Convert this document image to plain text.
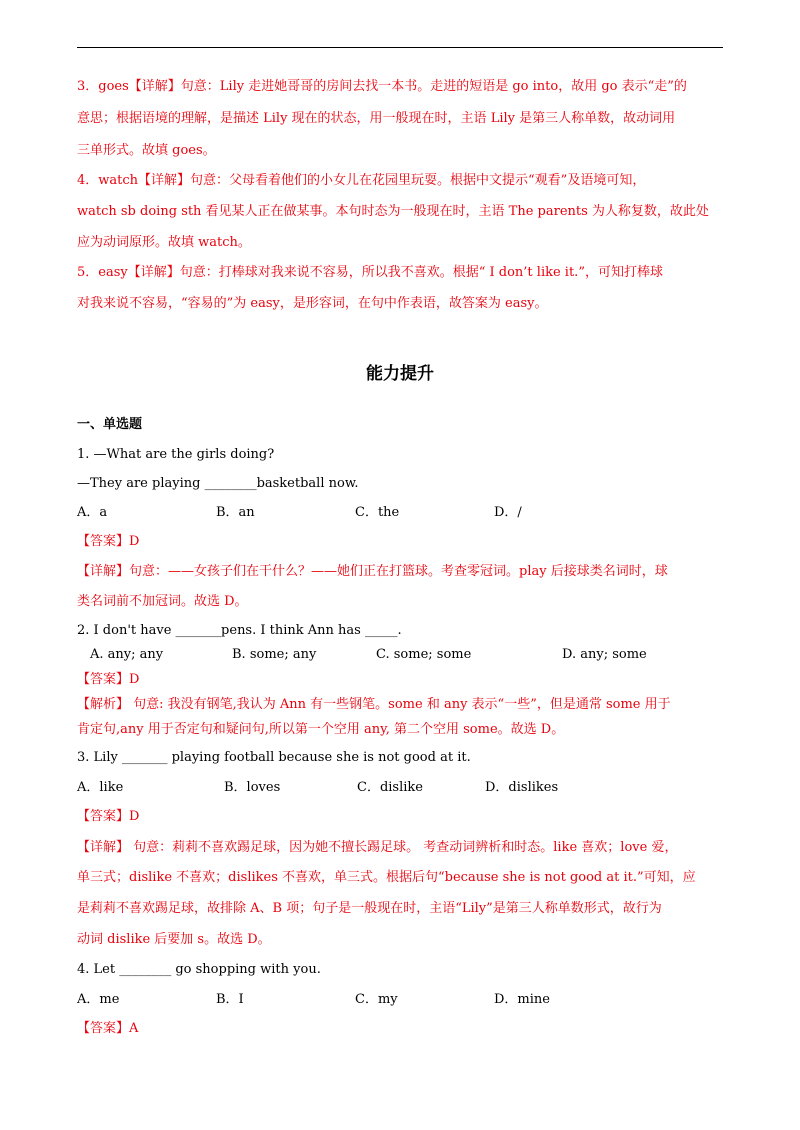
3．goes【详解】句意：Lily 走进她哥哥的房间去找一本书。走进的短语是 go into，故用 go 表示“走”的
意思；根据语境的理解，是描述 Lily 现在的状态，用一般现在时，主语 Lily 是第三人称单数，故动词用
三单形式。故填 goes。
4．watch【详解】句意：父母看着他们的小女儿在花园里玩耍。根据中文提示“观看”及语境可知，
watch sb doing sth 看见某人正在做某事。本句时态为一般现在时，主语 The parents 为人称复数，故此处
应为动词原形。故填 watch。
5．easy【详解】句意：打棒球对我来说不容易，所以我不喜欢。根据“ I don’t like it.”，可知打棒球
对我来说不容易，“容易的”为 easy，是形容词，在句中作表语，故答案为 easy。
能力提升
一、单选题
1. —What are the girls doing?
—They are playing ________basketball now.
A．a	B．an	C．the	D．/
【答案】D
【详解】句意：——女孩子们在干什么？——她们正在打篮球。考查零冠词。play 后接球类名词时，球
类名词前不加冠词。故选 D。
2. I don't have _______pens. I think Ann has _____.
A. any; any	B. some; any	C. some; some	D. any; some
【答案】D
【解析】 句意: 我没有钢笔,我认为 Ann 有一些钢笔。some 和 any 表示“一些”，但是通常 some 用于
肯定句,any 用于否定句和疑问句,所以第一个空用 any, 第二个空用 some。故选 D。
3. Lily _______ playing football because she is not good at it.
A．like	B．loves	C．dislike	D．dislikes
【答案】D
【详解】 句意：莉莉不喜欢踢足球，因为她不擅长踢足球。 考查动词辨析和时态。like 喜欢；love 爱，
单三式；dislike 不喜欢；dislikes 不喜欢，单三式。根据后句“because she is not good at it.”可知，应
是莉莉不喜欢踢足球，故排除 A、B 项；句子是一般现在时，主语“Lily”是第三人称单数形式，故行为
动词 dislike 后要加 s。故选 D。
4. Let ________ go shopping with you.
A．me	B．I	C．my	D．mine
【答案】A
